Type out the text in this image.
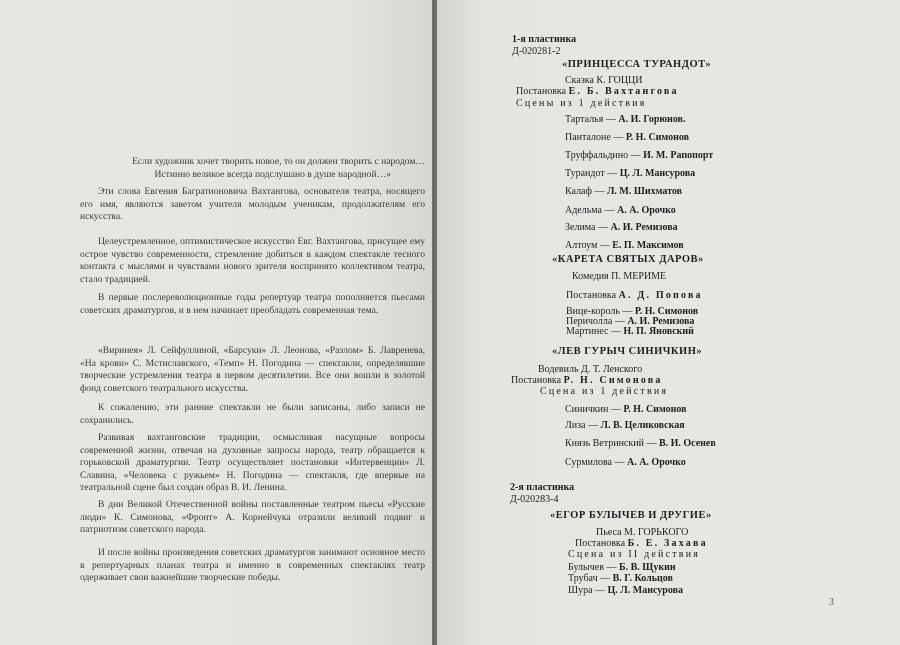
Если художник хочет творить новое, то он должен творить с народом…

Истинно великое всегда подслушано в душе народной…»

Эти слова Евгения Багратионовича Вахтангова, основателя театра, носящего его имя, являются заветом учителя молодым ученикам, продолжателям его искусства.

Целеустремленное, оптимистическое искусство Евг. Вахтангова, присущее ему острое чувство современности, стремление добиться в каждом спектакле тесного контакта с мыслями и чувствами нового зрителя воспринято коллективом театра, стало традицией.

В первые послереволюционные годы репертуар театра пополняется пьесами советских драматургов, и в нем начинает преобладать современная тема.

«Виринея» Л. Сейфуллиной, «Барсуки» Л. Леонова, «Разлом» Б. Лавренева, «На крови» С. Мстиславского, «Темп» Н. Погодина — спектакли, определявшие творческие устремления театра в первом десятилетии. Все они вошли в золотой фонд советского театрального искусства.

К сожалению, эти ранние спектакли не были записаны, либо записи не сохранились.

Развивая вахтанговские традиции, осмысливая насущные вопросы современной жизни, отвечая на духовные запросы народа, театр обращается к горьковской драматургии. Театр осуществляет постановки «Интервенции» Л. Славина, «Человека с ружьем» Н. Погодина — спектакля, где впервые на театральной сцене был создан образ В. И. Ленина.

В дни Великой Отечественной войны поставленные театром пьесы «Русские люди» К. Симонова, «Фронт» А. Корнейчука отразили великий подвиг и патриотизм советского народа.

И после войны произведения советских драматургов занимают основное место в репертуарных планах театра и именно в современных спектаклях театр одерживает свои важнейшие творческие победы.

1-я пластинка
Д-020281-2
«ПРИНЦЕССА ТУРАНДОТ»
Сказка К. ГОЦЦИ
Постановка Е. Б. Вахтангова
Сцены из 1 действия
Тарталья — А. И. Горюнов.
Панталоне — Р. Н. Симонов
Труффальдино — И. М. Рапопорт
Турандот — Ц. Л. Мансурова
Калаф — Л. М. Шихматов
Адельма — А. А. Орочко
Зелима — А. И. Ремизова
Алтоум — Е. П. Максимов
«КАРЕТА СВЯТЫХ ДАРОВ»
Комедия П. МЕРИМЕ
Постановка А. Д. Попова
Вице-король — Р. Н. Симонов
Перичолла — А. И. Ремизова
Мартинес — Н. П. Яновский
«ЛЕВ ГУРЫЧ СИНИЧКИН»
Водевиль Д. Т. Ленского
Постановка Р. Н. Симонова
Сцена из 1 действия
Синичкин — Р. Н. Симонов
Лиза — Л. В. Целиковская
Князь Ветринский — В. И. Осенев
Сурмилова — А. А. Орочко
2-я пластинка
Д-020283-4
«ЕГОР БУЛЫЧЕВ И ДРУГИЕ»
Пьеса М. ГОРЬКОГО
Постановка Б. Е. Захава
Сцена из II действия
Булычев — Б. В. Щукин
Трубач — В. Г. Кольцов
Шура — Ц. Л. Мансурова
3
